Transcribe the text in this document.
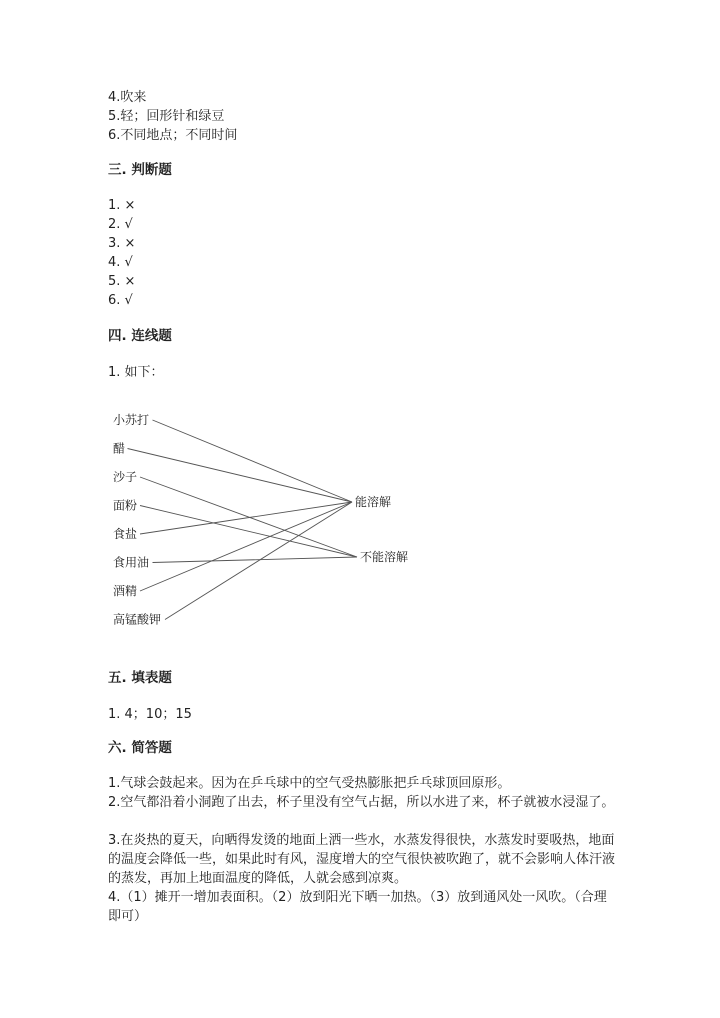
4.吹来
5.轻；回形针和绿豆
6.不同地点；不同时间
三. 判断题
1. ×
2. √
3. ×
4. √
5. ×
6. √
四. 连线题
1. 如下：
小苏打
醋
沙子
面粉
食盐
食用油
酒精
高锰酸钾
能溶解
不能溶解
五. 填表题
1. 4；10；15
六. 简答题
1.气球会鼓起来。因为在乒乓球中的空气受热膨胀把乒乓球顶回原形。
2.空气都沿着小洞跑了出去，杯子里没有空气占据，所以水进了来，杯子就被水浸湿了。
3.在炎热的夏天，向晒得发烫的地面上洒一些水，水蒸发得很快，水蒸发时要吸热，地面的温度会降低一些，如果此时有风，湿度增大的空气很快被吹跑了，就不会影响人体汗液的蒸发，再加上地面温度的降低，人就会感到凉爽。
4.（1）摊开一增加表面积。（2）放到阳光下晒一加热。（3）放到通风处一风吹。（合理即可）
